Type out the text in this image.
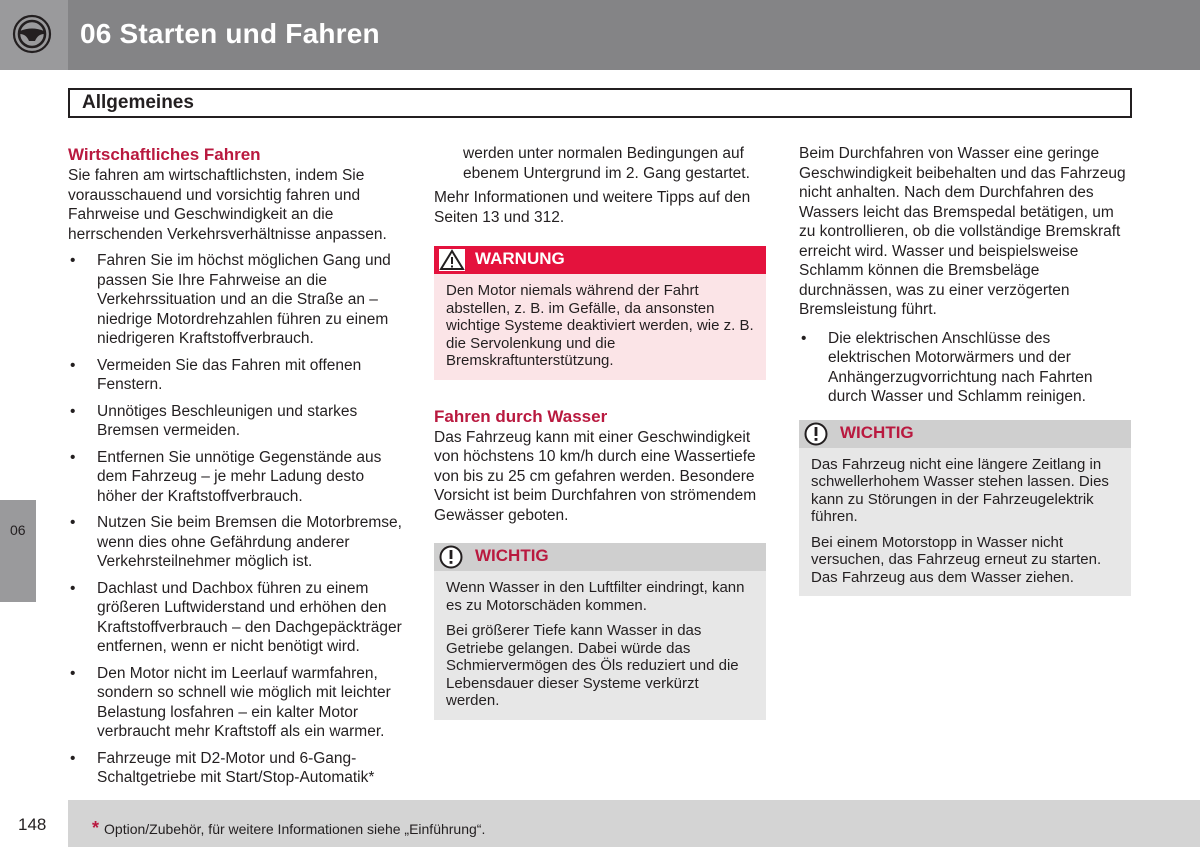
06 Starten und Fahren
Allgemeines
06
Wirtschaftliches Fahren

Sie fahren am wirtschaftlichsten, indem Sie vorausschauend und vorsichtig fahren und Fahrweise und Geschwindigkeit an die herrschenden Verkehrsverhältnisse anpassen.

• Fahren Sie im höchst möglichen Gang und passen Sie Ihre Fahrweise an die Verkehrssituation und an die Straße an – niedrige Motordrehzahlen führen zu einem niedrigeren Kraftstoffverbrauch.
• Vermeiden Sie das Fahren mit offenen Fenstern.
• Unnötiges Beschleunigen und starkes Bremsen vermeiden.
• Entfernen Sie unnötige Gegenstände aus dem Fahrzeug – je mehr Ladung desto höher der Kraftstoffverbrauch.
• Nutzen Sie beim Bremsen die Motorbremse, wenn dies ohne Gefährdung anderer Verkehrsteilnehmer möglich ist.
• Dachlast und Dachbox führen zu einem größeren Luftwiderstand und erhöhen den Kraftstoffverbrauch – den Dachgepäckträger entfernen, wenn er nicht benötigt wird.
• Den Motor nicht im Leerlauf warmfahren, sondern so schnell wie möglich mit leichter Belastung losfahren – ein kalter Motor verbraucht mehr Kraftstoff als ein warmer.
• Fahrzeuge mit D2-Motor und 6-Gang-Schaltgetriebe mit Start/Stop-Automatik*

werden unter normalen Bedingungen auf ebenem Untergrund im 2. Gang gestartet.

Mehr Informationen und weitere Tipps auf den Seiten 13 und 312.

WARNUNG
Den Motor niemals während der Fahrt abstellen, z. B. im Gefälle, da ansonsten wichtige Systeme deaktiviert werden, wie z. B. die Servolenkung und die Bremskraftunterstützung.
Fahren durch Wasser

Das Fahrzeug kann mit einer Geschwindigkeit von höchstens 10 km/h durch eine Wassertiefe von bis zu 25 cm gefahren werden. Besondere Vorsicht ist beim Durchfahren von strömendem Gewässer geboten.

WICHTIG

Wenn Wasser in den Luftfilter eindringt, kann es zu Motorschäden kommen.

Bei größerer Tiefe kann Wasser in das Getriebe gelangen. Dabei würde das Schmiervermögen des Öls reduziert und die Lebensdauer dieser Systeme verkürzt werden.

Beim Durchfahren von Wasser eine geringe Geschwindigkeit beibehalten und das Fahrzeug nicht anhalten. Nach dem Durchfahren des Wassers leicht das Bremspedal betätigen, um zu kontrollieren, ob die vollständige Bremskraft erreicht wird. Wasser und beispielsweise Schlamm können die Bremsbeläge durchnässen, was zu einer verzögerten Bremsleistung führt.

• Die elektrischen Anschlüsse des elektrischen Motorwärmers und der Anhängerzugvorrichtung nach Fahrten durch Wasser und Schlamm reinigen.
WICHTIG

Das Fahrzeug nicht eine längere Zeitlang in schwellerhohem Wasser stehen lassen. Dies kann zu Störungen in der Fahrzeugelektrik führen.

Bei einem Motorstopp in Wasser nicht versuchen, das Fahrzeug erneut zu starten. Das Fahrzeug aus dem Wasser ziehen.

148	* Option/Zubehör, für weitere Informationen siehe „Einführung“.
